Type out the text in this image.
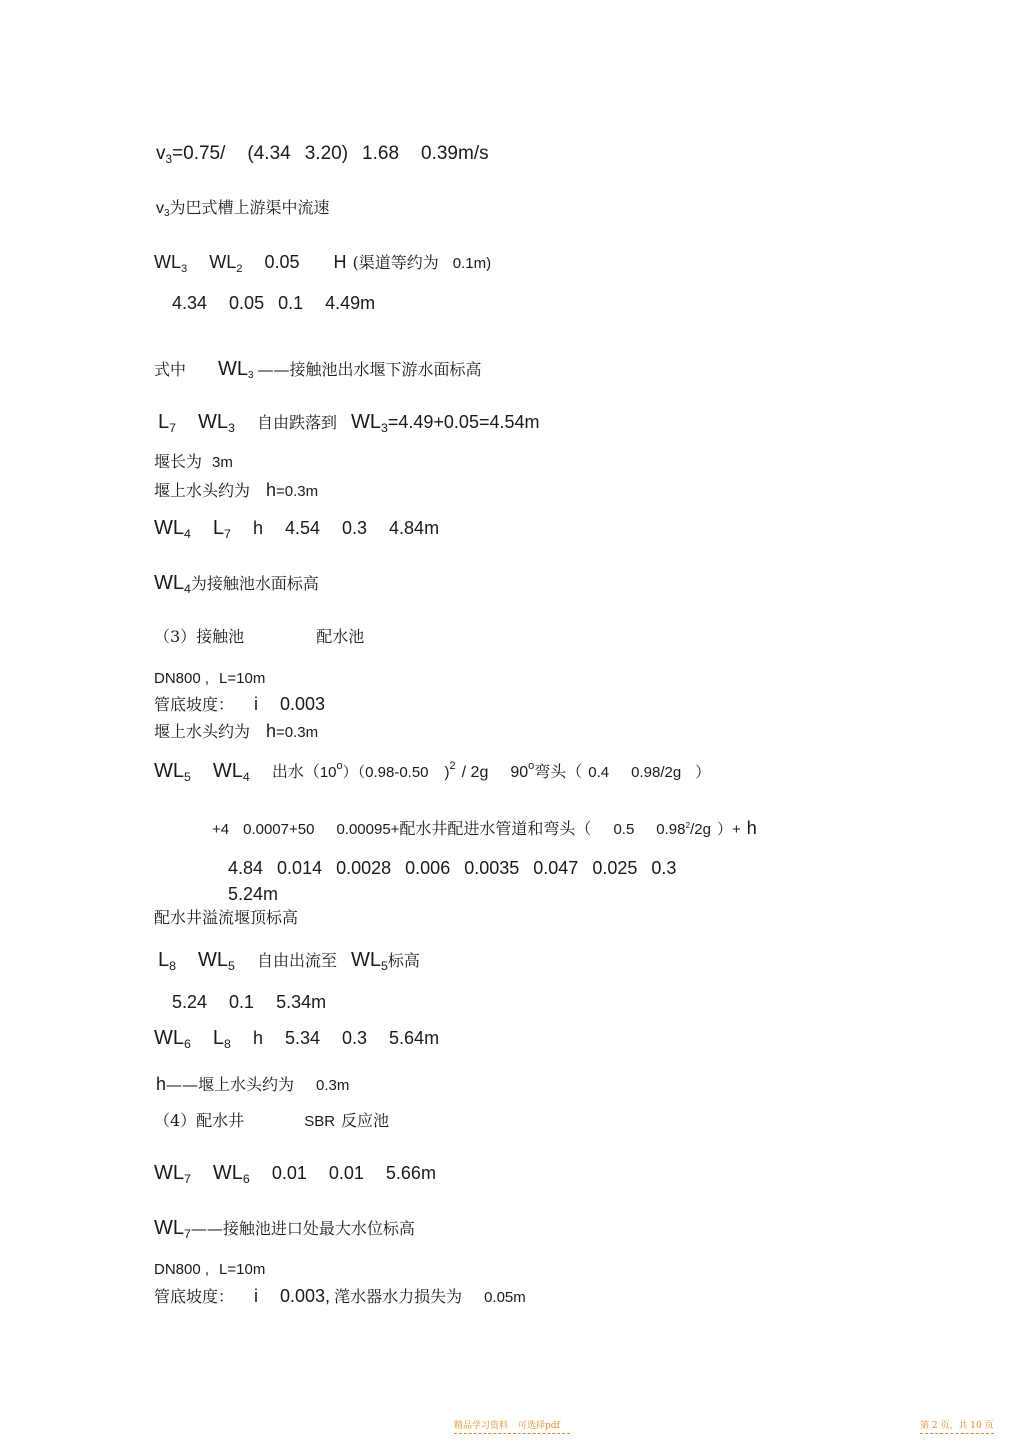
v3=0.75/ (4.34 3.20) 1.68 0.39m/s
v3为巴式槽上游渠中流速
WL3 WL2 0.05 H (渠道等约为 0.1m)
4.34 0.05 0.1 4.49m
式中 WL3 ——接触池出水堰下游水面标高
L7 WL3 自由跌落到 WL3=4.49+0.05=4.54m
堰长为 3m
堰上水头约为 h=0.3m
WL4 L7 h 4.54 0.3 4.84m
WL4为接触池水面标高
（3）接触池	配水池
DN800 , L=10m
管底坡度： i 0.003
堰上水头约为 h=0.3m
WL5 WL4 出水（10o）（0.98-0.50 )2 / 2g 90o弯头（ 0.4 0.98/2g ）
+4 0.0007+50 0.00095+配水井配进水管道和弯头（ 0.5 0.982/2g ）+ h
4.84 0.014 0.0028 0.006 0.0035 0.047 0.025 0.3
5.24m
配水井溢流堰顶标高
L8 WL5 自由出流至 WL5标高
5.24 0.1 5.34m
WL6 L8 h 5.34 0.3 5.64m
h——堰上水头约为 0.3m
（4）配水井	SBR 反应池
WL7 WL6 0.01 0.01 5.66m
WL7——接触池进口处最大水位标高
DN800 , L=10m
管底坡度： i 0.003, 滗水器水力损失为 0.05m
精品学习资料 可选择pdf	第 2 页，共 10 页
